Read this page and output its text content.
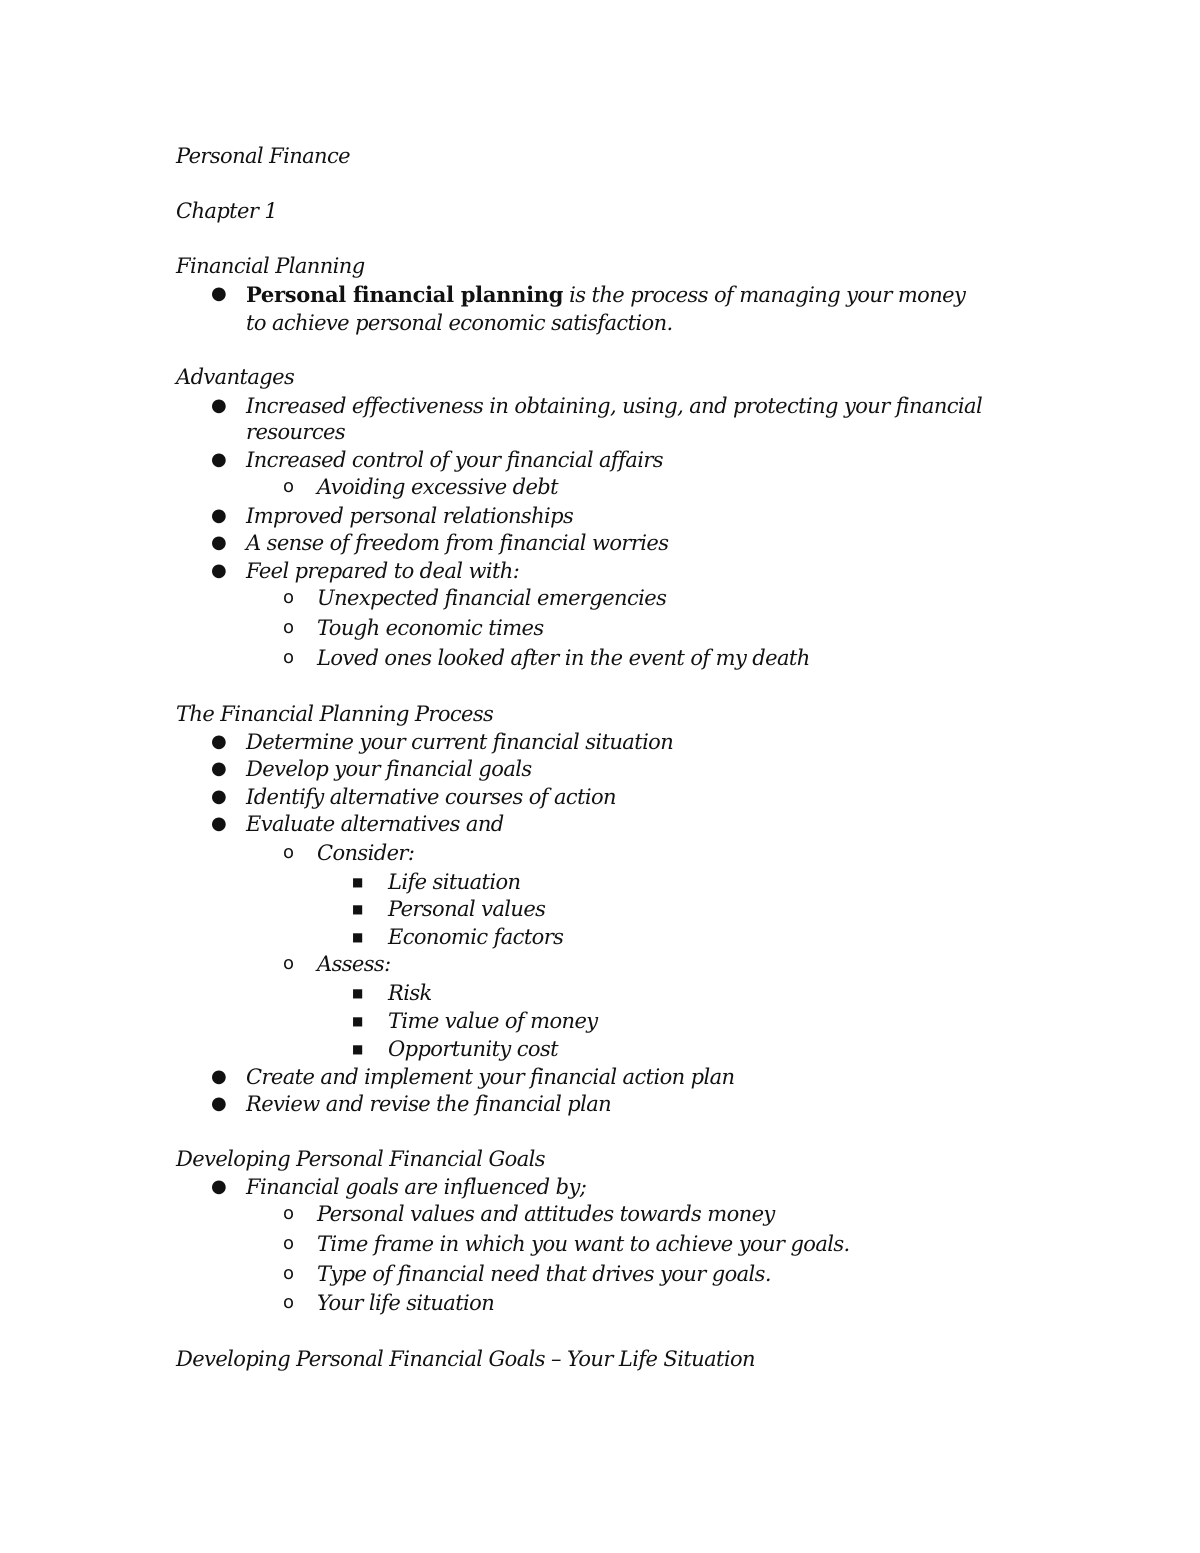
Personal Finance
Chapter 1
Financial Planning
● Personal financial planning is the process of managing your money to achieve personal economic satisfaction.
Advantages
● Increased effectiveness in obtaining, using, and protecting your financial
resources
● Increased control of your financial affairs
o Avoiding excessive debt
● Improved personal relationships
● A sense of freedom from financial worries
● Feel prepared to deal with:
o Unexpected financial emergencies
o Tough economic times
o Loved ones looked after in the event of my death
The Financial Planning Process
● Determine your current financial situation
● Develop your financial goals
● Identify alternative courses of action
● Evaluate alternatives and
o Consider:
■ Life situation
■ Personal values
■ Economic factors
o Assess:
■ Risk
■ Time value of money
■ Opportunity cost
● Create and implement your financial action plan
● Review and revise the financial plan
Developing Personal Financial Goals
● Financial goals are influenced by;
o Personal values and attitudes towards money
o Time frame in which you want to achieve your goals.
o Type of financial need that drives your goals.
o Your life situation
Developing Personal Financial Goals – Your Life Situation
